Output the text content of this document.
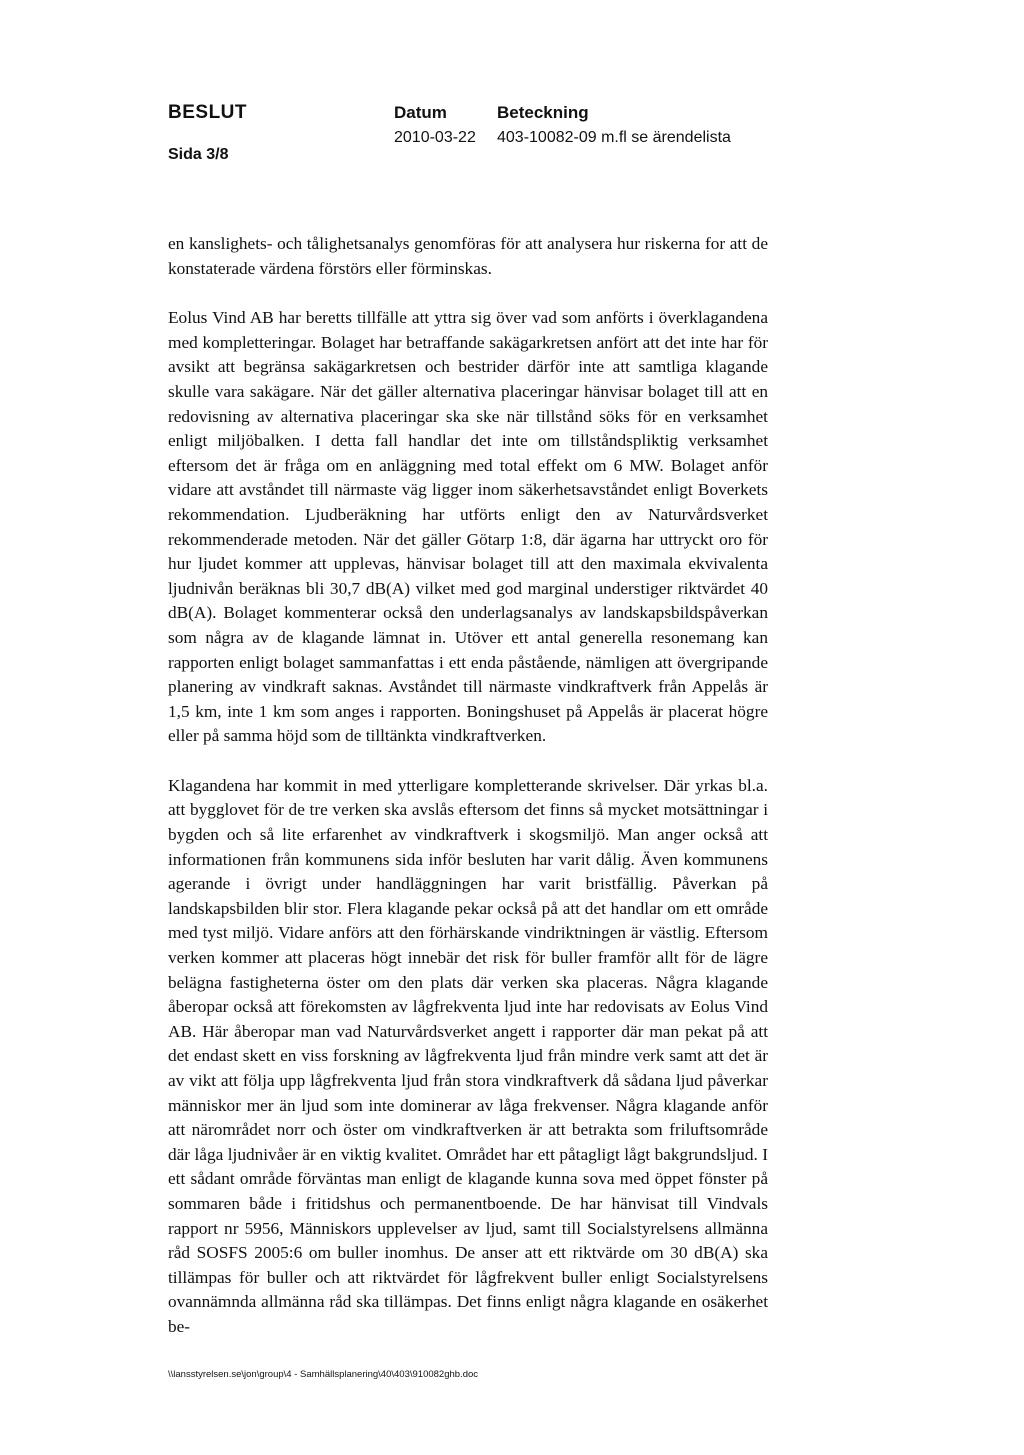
BESLUT
Sida 3/8
Datum
2010-03-22
Beteckning
403-10082-09 m.fl se ärendelista

en kanslighets- och tålighetsanalys genomföras för att analysera hur riskerna for att de konstaterade värdena förstörs eller förminskas.

Eolus Vind AB har beretts tillfälle att yttra sig över vad som anförts i överklagandena med kompletteringar. Bolaget har betraffande sakägarkretsen anfört att det inte har för avsikt att begränsa sakägarkretsen och bestrider därför inte att samtliga klagande skulle vara sakägare. När det gäller alternativa placeringar hänvisar bolaget till att en redovisning av alternativa placeringar ska ske när tillstånd söks för en verksamhet enligt miljöbalken. I detta fall handlar det inte om tillståndspliktig verksamhet eftersom det är fråga om en anläggning med total effekt om 6 MW. Bolaget anför vidare att avståndet till närmaste väg ligger inom säkerhetsavståndet enligt Boverkets rekommendation. Ljudberäkning har utförts enligt den av Naturvårdsverket rekommenderade metoden. När det gäller Götarp 1:8, där ägarna har uttryckt oro för hur ljudet kommer att upplevas, hänvisar bolaget till att den maximala ekvivalenta ljudnivån beräknas bli 30,7 dB(A) vilket med god marginal understiger riktvärdet 40 dB(A). Bolaget kommenterar också den underlagsanalys av landskapsbildspåverkan som några av de klagande lämnat in. Utöver ett antal generella resonemang kan rapporten enligt bolaget sammanfattas i ett enda påstående, nämligen att övergripande planering av vindkraft saknas. Avståndet till närmaste vindkraftverk från Appelås är 1,5 km, inte 1 km som anges i rapporten. Boningshuset på Appelås är placerat högre eller på samma höjd som de tilltänkta vindkraftverken.

Klagandena har kommit in med ytterligare kompletterande skrivelser. Där yrkas bl.a. att bygglovet för de tre verken ska avslås eftersom det finns så mycket motsättningar i bygden och så lite erfarenhet av vindkraftverk i skogsmiljö. Man anger också att informationen från kommunens sida inför besluten har varit dålig. Även kommunens agerande i övrigt under handläggningen har varit bristfällig. Påverkan på landskapsbilden blir stor. Flera klagande pekar också på att det handlar om ett område med tyst miljö. Vidare anförs att den förhärskande vindriktningen är västlig. Eftersom verken kommer att placeras högt innebär det risk för buller framför allt för de lägre belägna fastigheterna öster om den plats där verken ska placeras. Några klagande åberopar också att förekomsten av lågfrekventa ljud inte har redovisats av Eolus Vind AB. Här åberopar man vad Naturvårdsverket angett i rapporter där man pekat på att det endast skett en viss forskning av lågfrekventa ljud från mindre verk samt att det är av vikt att följa upp lågfrekventa ljud från stora vindkraftverk då sådana ljud påverkar människor mer än ljud som inte dominerar av låga frekvenser. Några klagande anför att närområdet norr och öster om vindkraftverken är att betrakta som friluftsområde där låga ljudnivåer är en viktig kvalitet. Området har ett påtagligt lågt bakgrundsljud. I ett sådant område förväntas man enligt de klagande kunna sova med öppet fönster på sommaren både i fritidshus och permanentboende. De har hänvisat till Vindvals rapport nr 5956, Människors upplevelser av ljud, samt till Socialstyrelsens allmänna råd SOSFS 2005:6 om buller inomhus. De anser att ett riktvärde om 30 dB(A) ska tillämpas för buller och att riktvärdet för lågfrekvent buller enligt Socialstyrelsens ovannämnda allmänna råd ska tillämpas. Det finns enligt några klagande en osäkerhet be-

\\lansstyrelsen.se\jon\group\4 - Samhällsplanering\40\403\910082ghb.doc
